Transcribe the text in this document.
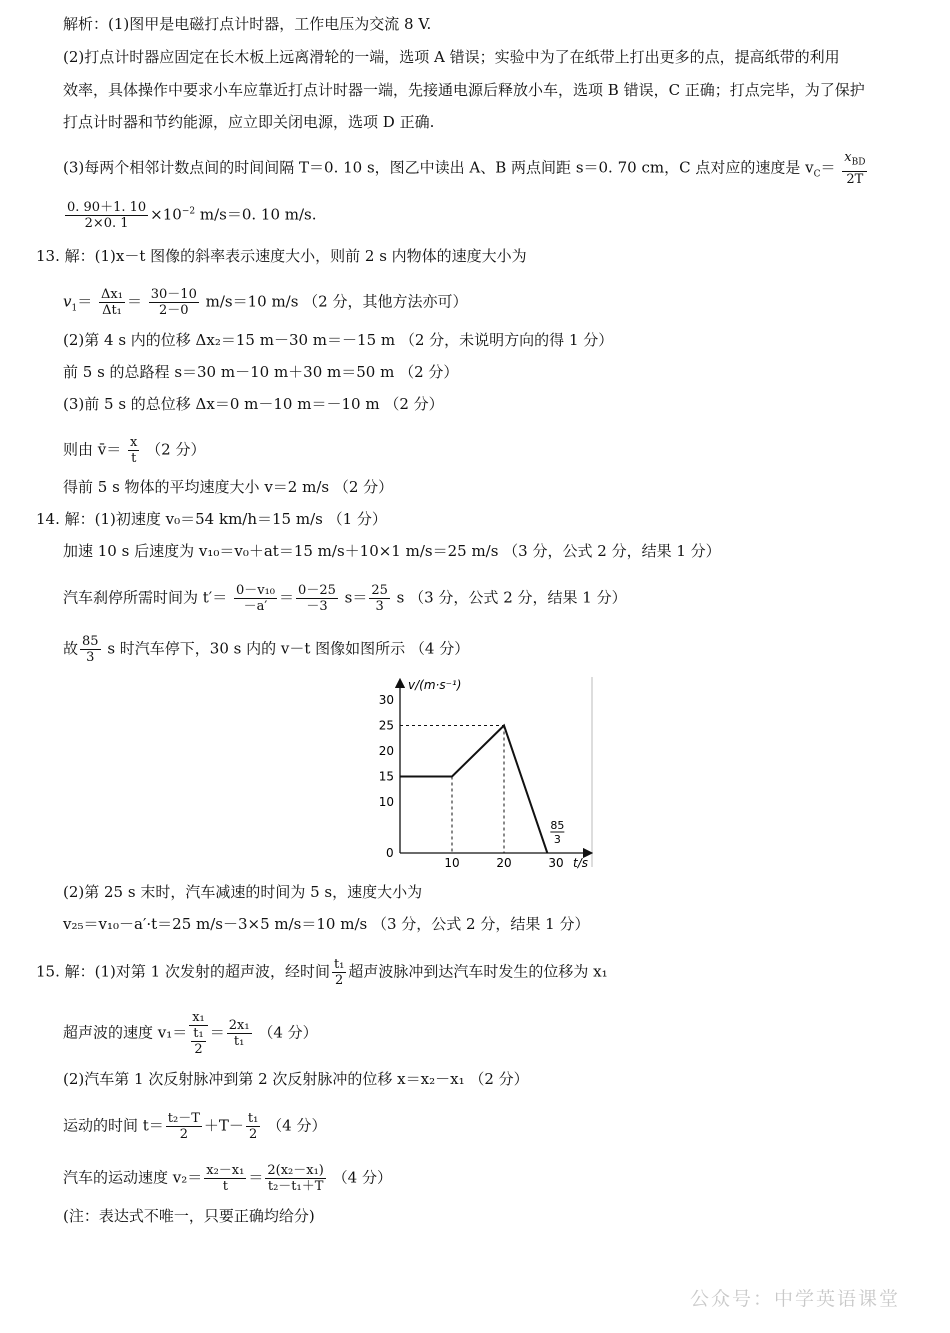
解析：(1)图甲是电磁打点计时器，工作电压为交流 8 V.
(2)打点计时器应固定在长木板上远离滑轮的一端，选项 A 错误；实验中为了在纸带上打出更多的点，提高纸带的利用
效率，具体操作中要求小车应靠近打点计时器一端，先接通电源后释放小车，选项 B 错误，C 正确；打点完毕，为了保护
打点计时器和节约能源，应立即关闭电源，选项 D 正确.
(3)每两个相邻计数点间的时间间隔 T＝0. 10 s，图乙中读出 A、B 两点间距 s＝0. 70 cm，C 点对应的速度是 $v_C= \frac{x_{BD}}{2T}$
$\frac{0. 90+1. 10}{2\times 0. 1} \times 10^{-2}$ m/s＝0. 10 m/s.
13. 解：(1)x－t 图像的斜率表示速度大小，则前 2 s 内物体的速度大小为
$v_1= \frac{\text{Δx₁}}{\text{Δt₁}} = \frac{30-10}{2-0} m/s=10$ m/s （2 分，其他方法亦可）
(2)第 4 s 内的位移 Δx₂＝15 m－30 m＝－15 m （2 分，未说明方向的得 1 分）
前 5 s 的总路程 s＝30 m－10 m＋30 m＝50 m （2 分）
(3)前 5 s 的总位移 Δx＝0 m－10 m＝－10 m （2 分）
则由 v̄＝ $\frac{x}{t} (2$ 分）
得前 5 s 物体的平均速度大小 v＝2 m/s （2 分）
14. 解：(1)初速度 v₀＝54 km/h＝15 m/s （1 分）
加速 10 s 后速度为 v₁₀＝v₀＋at＝15 m/s＋10×1 m/s＝25 m/s （3 分，公式 2 分，结果 1 分）
汽车刹停所需时间为 $t'= \frac{\text{0－v₁₀}}{-a'} = \frac{0-25}{-3} s= \frac{25}{3}$ s （3 分，公式 2 分，结果 1 分）
故 $\frac{85}{3}$ s 时汽车停下，30 s 内的 v－t 图像如图所示 （4 分）
v/(m·s⁻¹)
t/s
0
10
15
20
25
30
10	20	30
85
3
(2)第 25 s 末时，汽车减速的时间为 5 s，速度大小为
v₂₅＝v₁₀－a′·t＝25 m/s－3×5 m/s＝10 m/s （3 分，公式 2 分，结果 1 分）
15. 解：(1)对第 1 次发射的超声波，经时间 $\frac{\text{t₁}}{2}$ 超声波脉冲到达汽车时发生的位移为 x₁
超声波的速度 $v_1= \frac{\text{x₁}}{\frac{\text{t₁}}{2}} = \frac{\text{2x₁}}{\text{t₁}} (4$ 分）
(2)汽车第 1 次反射脉冲到第 2 次反射脉冲的位移 x＝x₂－x₁ （2 分）
运动的时间 $t= \frac{\text{t₂－T}}{2} +T- \frac{\text{t₁}}{2} (4$ 分）
汽车的运动速度 $v_2= \frac{\text{x₂－x₁}}{t} = \frac{\text{2(x₂－x₁)}}{\text{t₂－t₁＋T}} (4$ 分）
(注：表达式不唯一，只要正确均给分)
公众号：中学英语课堂
